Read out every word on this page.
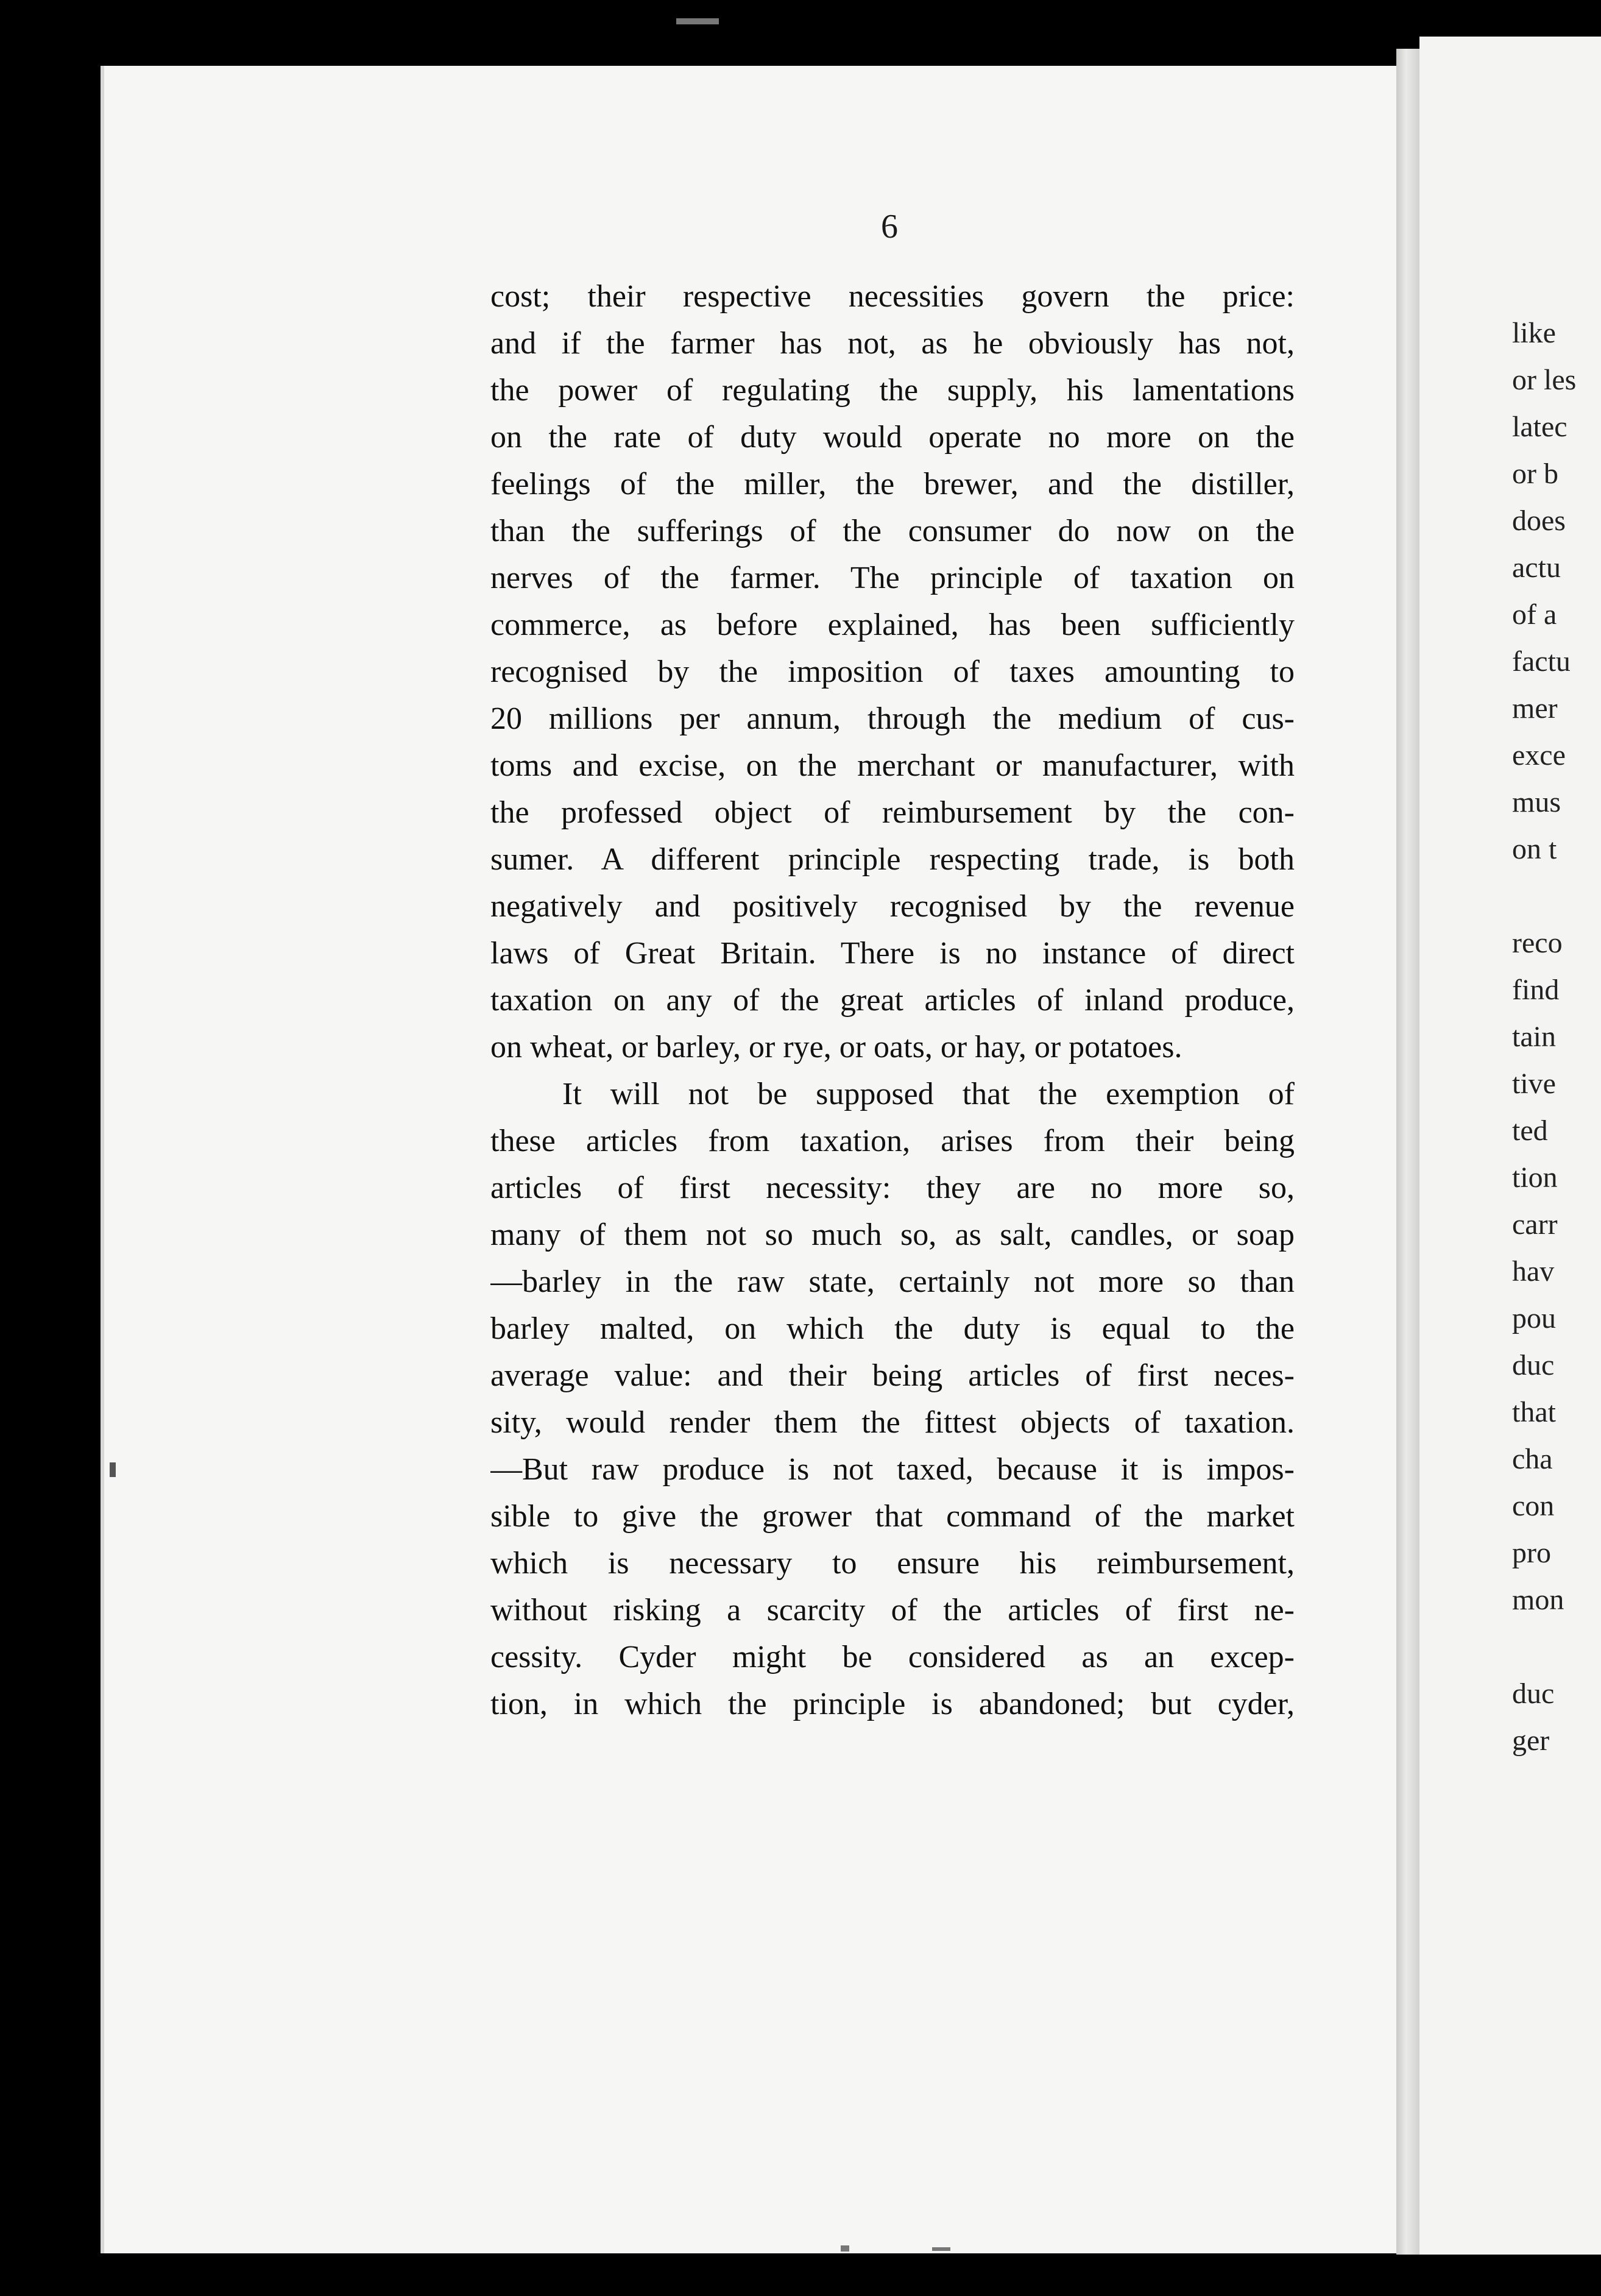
6
cost; their respective necessities govern the price:
and if the farmer has not, as he obviously has not,
the power of regulating the supply, his lamentations
on the rate of duty would operate no more on the
feelings of the miller, the brewer, and the distiller,
than the sufferings of the consumer do now on the
nerves of the farmer. The principle of taxation on
commerce, as before explained, has been sufficiently
recognised by the imposition of taxes amounting to
20 millions per annum, through the medium of cus-
toms and excise, on the merchant or manufacturer, with
the professed object of reimbursement by the con-
sumer. A different principle respecting trade, is both
negatively and positively recognised by the revenue
laws of Great Britain. There is no instance of direct
taxation on any of the great articles of inland produce,
on wheat, or barley, or rye, or oats, or hay, or potatoes.
It will not be supposed that the exemption of
these articles from taxation, arises from their being
articles of first necessity: they are no more so,
many of them not so much so, as salt, candles, or soap
—barley in the raw state, certainly not more so than
barley malted, on which the duty is equal to the
average value: and their being articles of first neces-
sity, would render them the fittest objects of taxation.
—But raw produce is not taxed, because it is impos-
sible to give the grower that command of the market
which is necessary to ensure his reimbursement,
without risking a scarcity of the articles of first ne-
cessity. Cyder might be considered as an excep-
tion, in which the principle is abandoned; but cyder,
like
or les
latec
or b
does
actu
of a
factu
mer
exce
mus
on t
reco
find
tain
tive
ted
tion
carr
hav
pou
duc
that
cha
con
pro
mon
duc
ger
